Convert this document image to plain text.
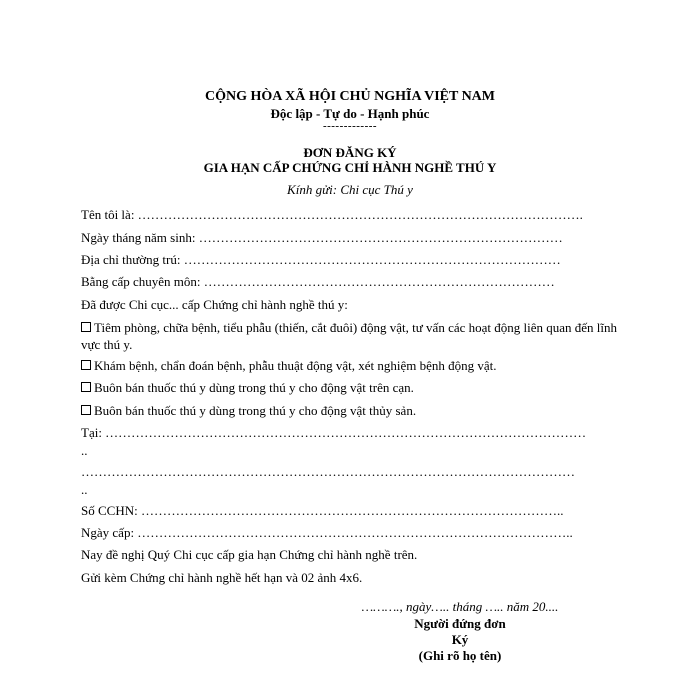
CỘNG HÒA XÃ HỘI CHỦ NGHĨA VIỆT NAM
Độc lập - Tự do - Hạnh phúc
-------------
ĐƠN ĐĂNG KÝ
GIA HẠN CẤP CHỨNG CHỈ HÀNH NGHỀ THÚ Y
Kính gửi: Chi cục Thú y
Tên tôi là: ………………………………………………………………………………………….
Ngày tháng năm sinh: …………………………………………………………………………
Địa chỉ thường trú: ……………………………………………………………………………
Bằng cấp chuyên môn: ………………………………………………………………………
Đã được Chi cục... cấp Chứng chỉ hành nghề thú y:
Tiêm phòng, chữa bệnh, tiểu phẫu (thiến, cắt đuôi) động vật, tư vấn các hoạt động liên quan đến lĩnh vực thú y.
Khám bệnh, chẩn đoán bệnh, phẫu thuật động vật, xét nghiệm bệnh động vật.
Buôn bán thuốc thú y dùng trong thú y cho động vật trên cạn.
Buôn bán thuốc thú y dùng trong thú y cho động vật thủy sản.
Tại: …………………………………………………………………………………………………
..
……………………………………………………………………………………………………
..
Số CCHN: ……………………………………………………………………………………..
Ngày cấp: ………………………………………………………………………………………..
Nay đề nghị Quý Chi cục cấp gia hạn Chứng chỉ hành nghề trên.
Gửi kèm Chứng chỉ hành nghề hết hạn và 02 ảnh 4x6.
………., ngày….. tháng ….. năm 20....
Người đứng đơn
Ký
(Ghi rõ họ tên)
